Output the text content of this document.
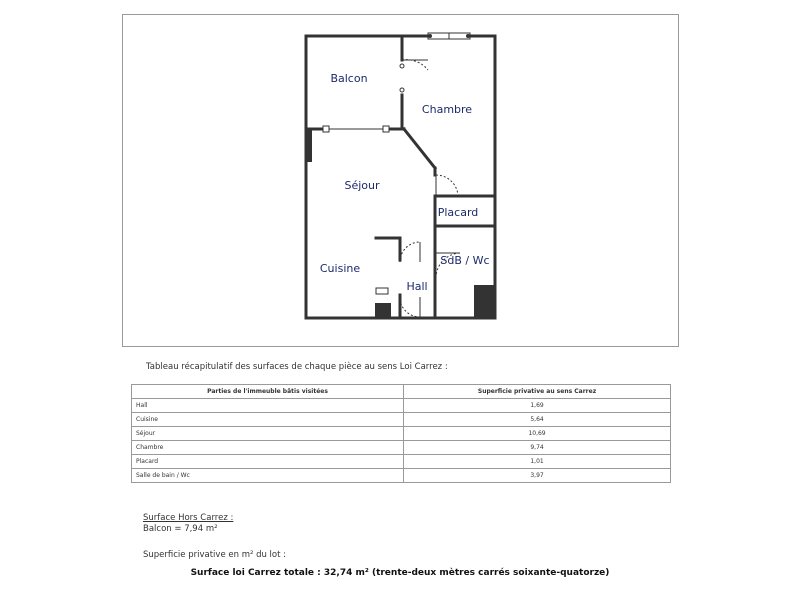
Balcon
Chambre
Séjour
Placard
Cuisine
SdB / Wc
Hall
Tableau récapitulatif des surfaces de chaque pièce au sens Loi Carrez :
Parties de l'immeuble bâtis visitées	Superficie privative au sens Carrez
Hall	1,69
Cuisine	5,64
Séjour	10,69
Chambre	9,74
Placard	1,01
Salle de bain / Wc	3,97
Surface Hors Carrez :
Balcon = 7,94 m²
Superficie privative en m² du lot :
Surface loi Carrez totale : 32,74 m² (trente-deux mètres carrés soixante-quatorze)
